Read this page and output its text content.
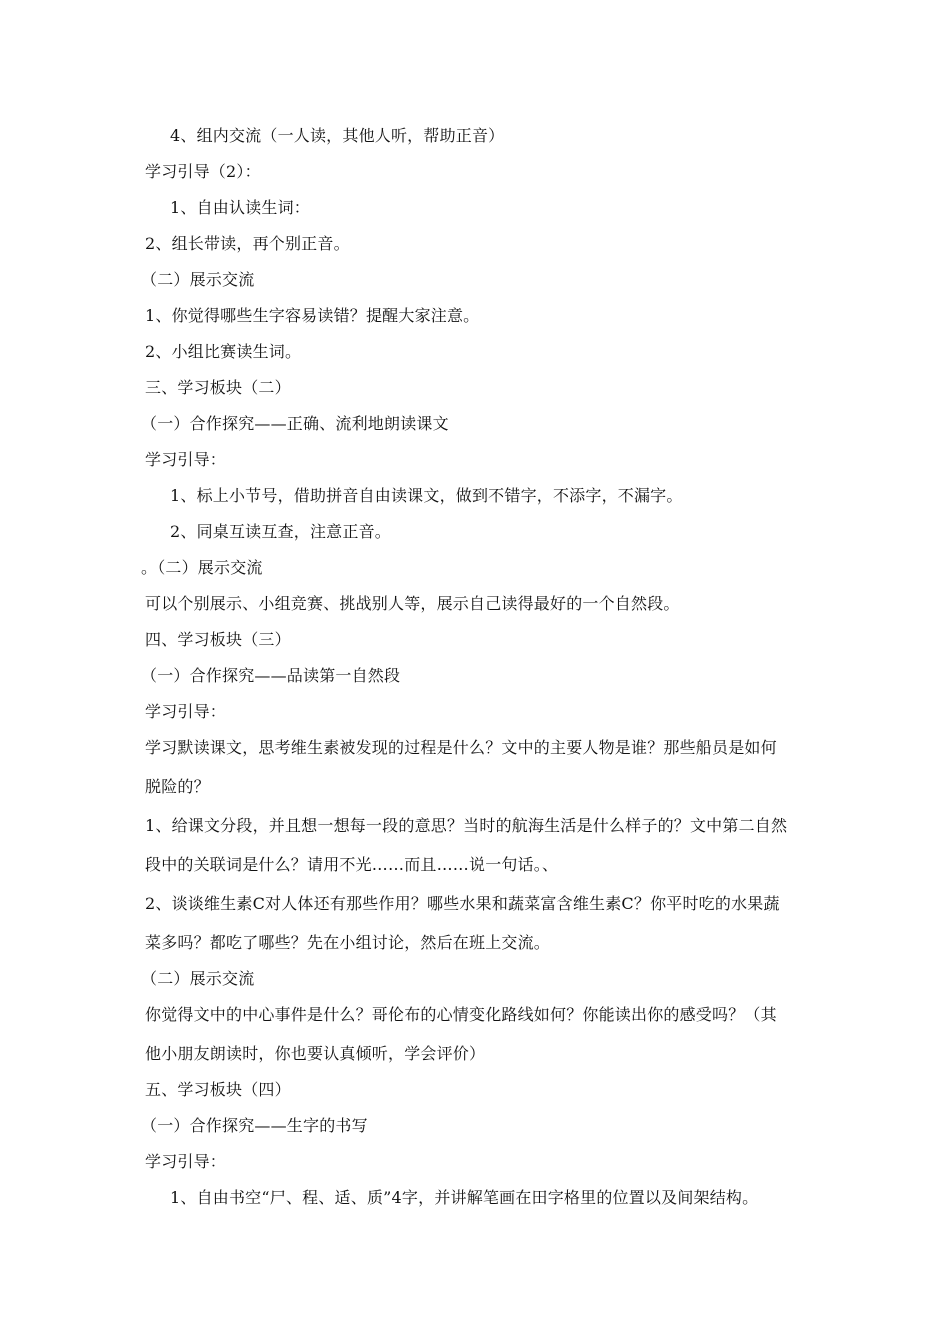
4、组内交流（一人读，其他人听，帮助正音）
学习引导（2）：
1、自由认读生词：
2、组长带读，再个别正音。
（二）展示交流
1、你觉得哪些生字容易读错？提醒大家注意。
2、小组比赛读生词。
三、学习板块（二）
（一）合作探究——正确、流利地朗读课文
学习引导：
1、标上小节号，借助拼音自由读课文，做到不错字，不添字，不漏字。
2、同桌互读互查，注意正音。
。（二）展示交流
可以个别展示、小组竞赛、挑战别人等，展示自己读得最好的一个自然段。
四、学习板块（三）
（一）合作探究——品读第一自然段
学习引导：
学习默读课文，思考维生素被发现的过程是什么？文中的主要人物是谁？那些船员是如何
脱险的？
1、给课文分段，并且想一想每一段的意思？当时的航海生活是什么样子的？文中第二自然
段中的关联词是什么？请用不光……而且……说一句话。、
2、谈谈维生素C对人体还有那些作用？哪些水果和蔬菜富含维生素C？你平时吃的水果蔬
菜多吗？都吃了哪些？先在小组讨论，然后在班上交流。
（二）展示交流
你觉得文中的中心事件是什么？哥伦布的心情变化路线如何？你能读出你的感受吗？（其
他小朋友朗读时，你也要认真倾听，学会评价）
五、学习板块（四）
（一）合作探究——生字的书写
学习引导：
1、自由书空“尸、程、适、质”4字，并讲解笔画在田字格里的位置以及间架结构。
